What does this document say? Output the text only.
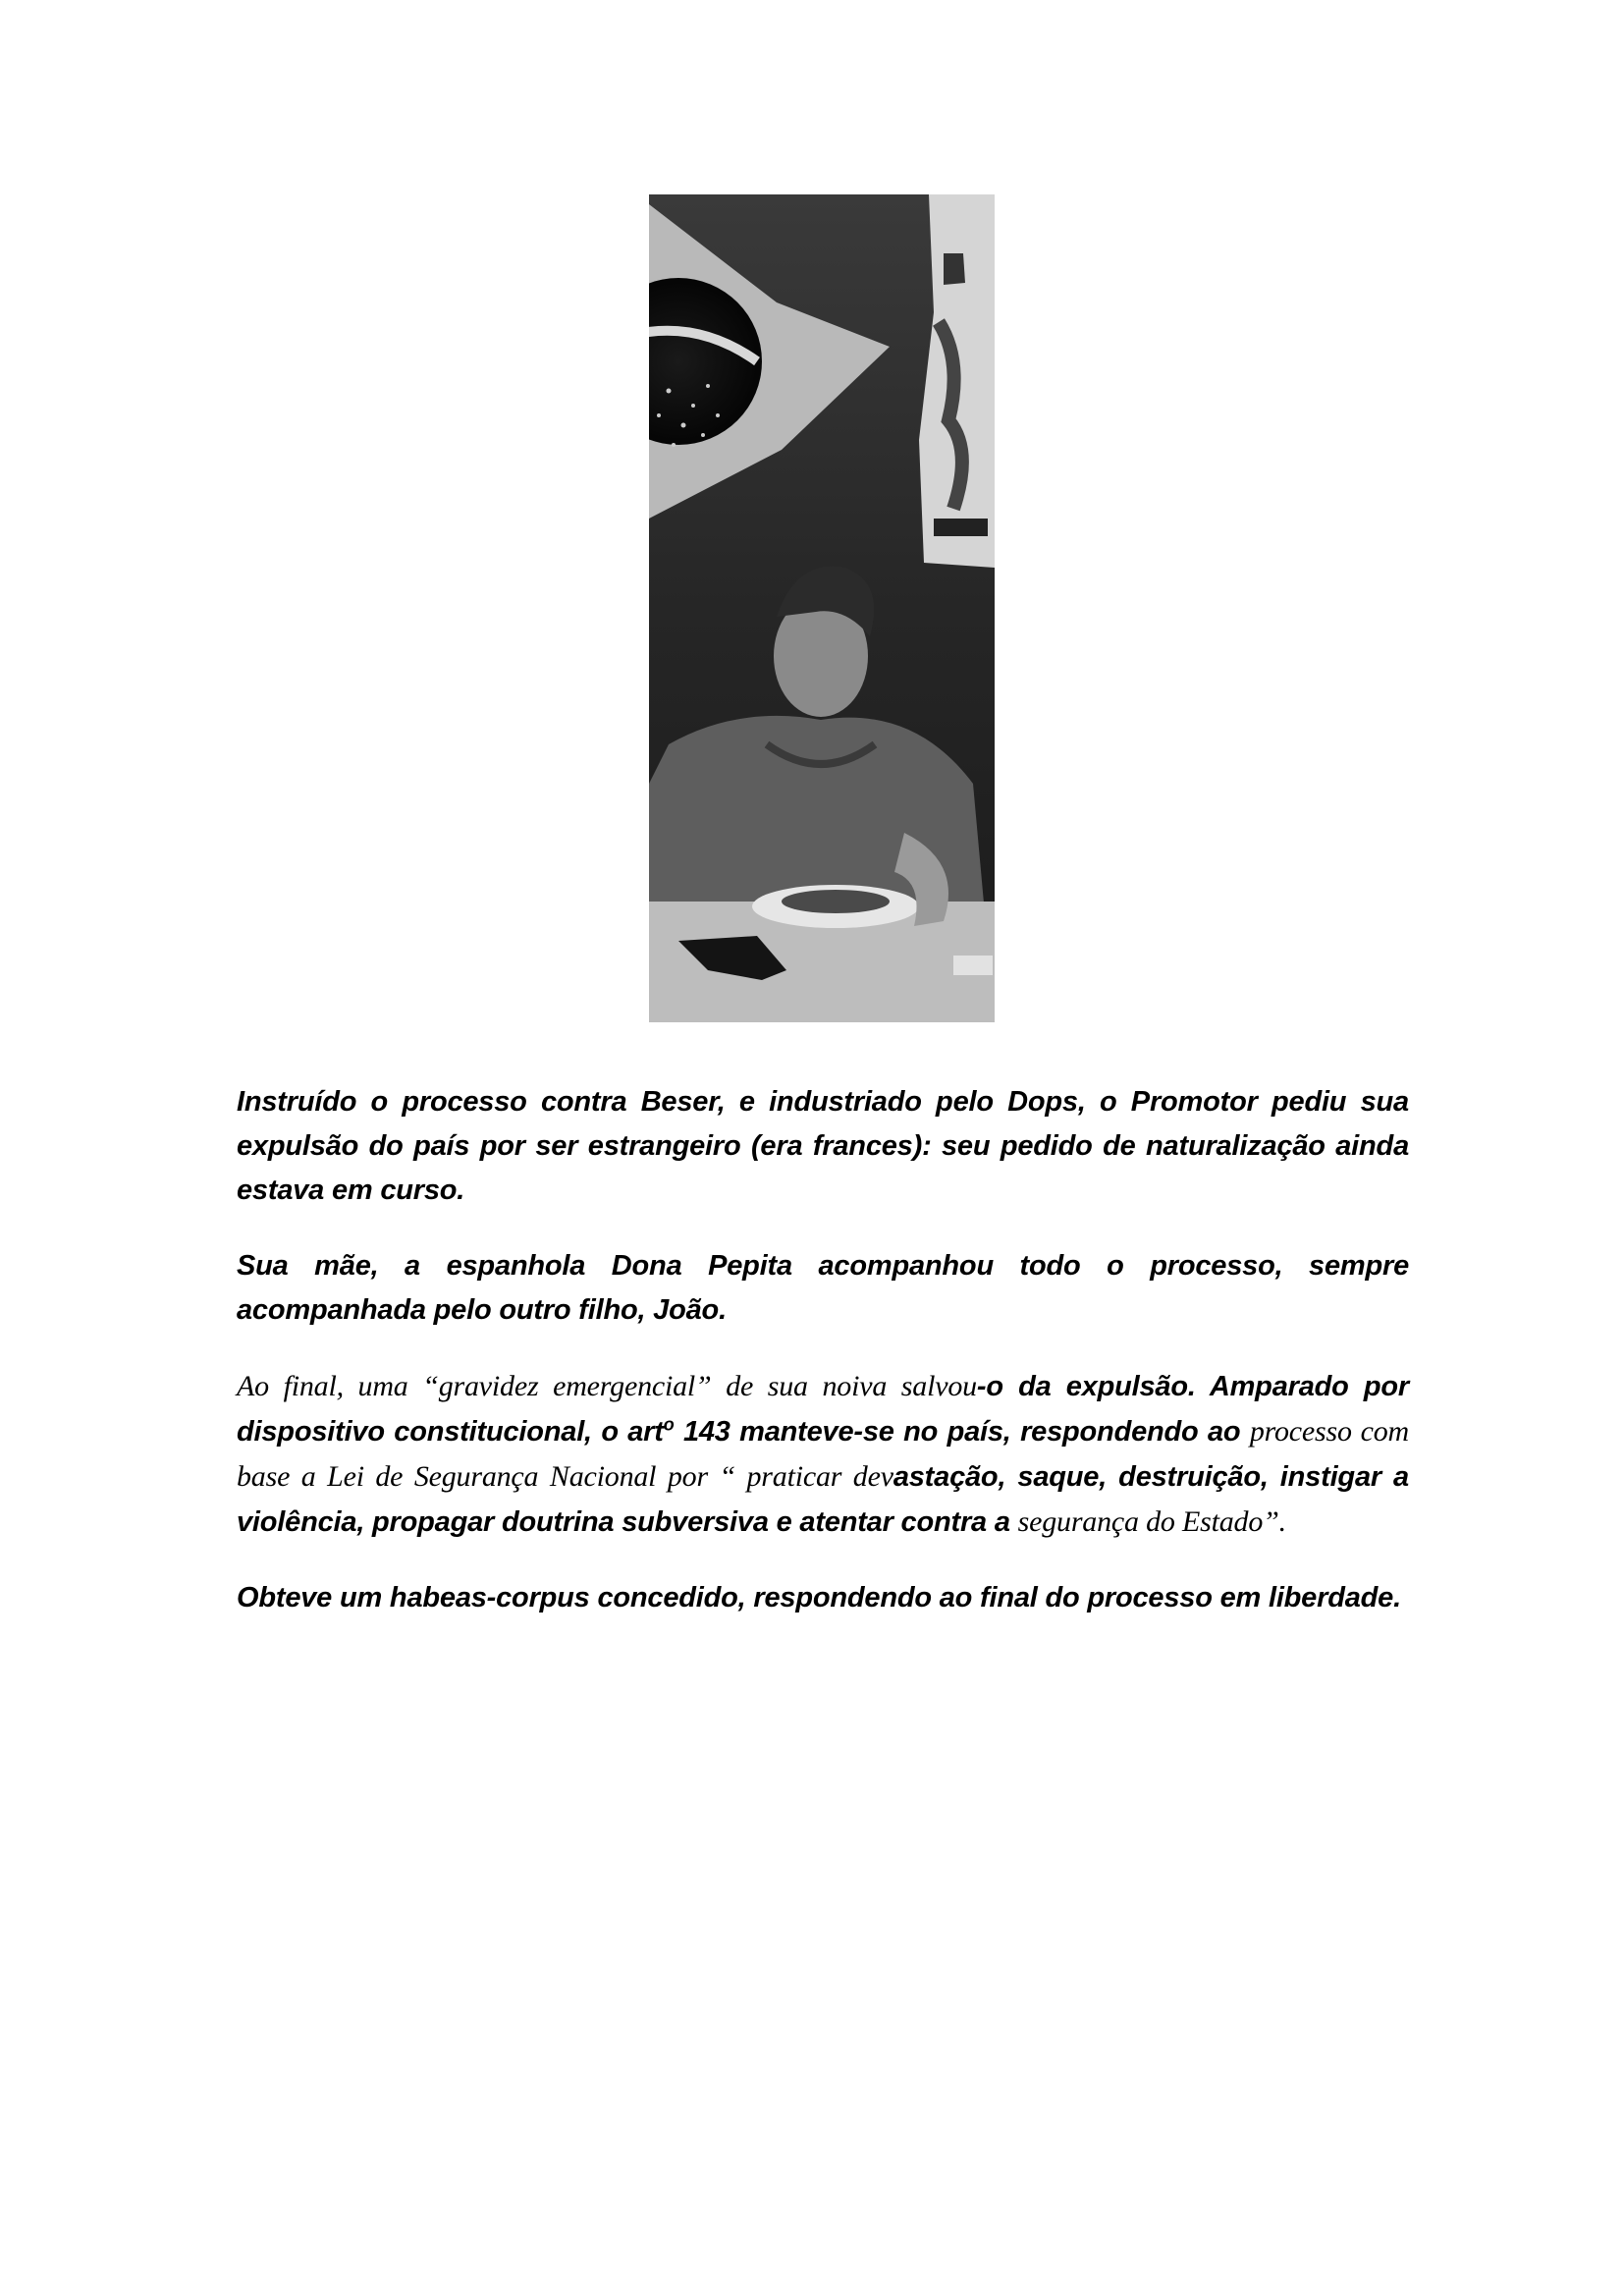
Instruído o processo contra Beser, e industriado pelo Dops, o Promotor pediu sua expulsão do país por ser estrangeiro (era frances): seu pedido de naturalização ainda estava em curso.

Sua mãe, a espanhola Dona Pepita acompanhou todo o processo, sempre acompanhada pelo outro filho, João.

Ao final, uma “gravidez emergencial” de sua noiva salvou-o da expulsão. Amparado por dispositivo constitucional, o art$^o$ 143 manteve-se no país, respondendo ao processo com base a Lei de Segurança Nacional por “ praticar devastação, saque, destruição, instigar a violência, propagar doutrina subversiva e atentar contra a segurança do Estado”.

Obteve um habeas-corpus concedido, respondendo ao final do processo em liberdade.
